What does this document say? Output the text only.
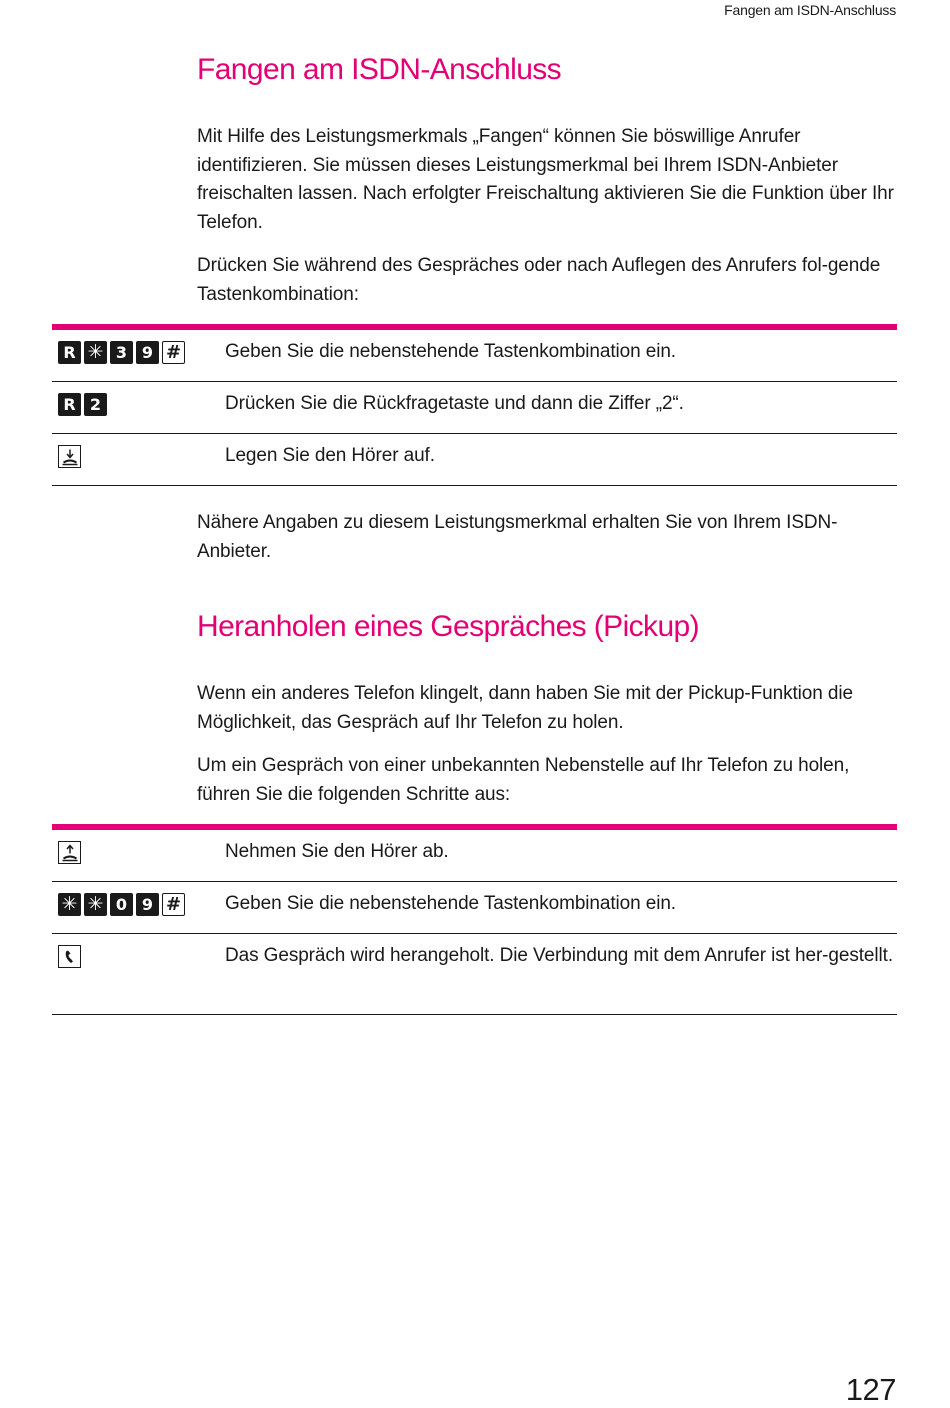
Fangen am ISDN-Anschluss
Fangen am ISDN-Anschluss

Mit Hilfe des Leistungsmerkmals „Fangen“ können Sie böswillige Anrufer identifizieren. Sie müssen dieses Leistungsmerkmal bei Ihrem ISDN-Anbieter freischalten lassen. Nach erfolgter Freischaltung aktivieren Sie die Funktion über Ihr Telefon.

Drücken Sie während des Gespräches oder nach Auflegen des Anrufers fol-gende Tastenkombination:

R ✳ 3 9 # Geben Sie die nebenstehende Tastenkombination ein.
R 2	Drücken Sie die Rückfragetaste und dann die Ziffer „2“.
Legen Sie den Hörer auf.

Nähere Angaben zu diesem Leistungsmerkmal erhalten Sie von Ihrem ISDN-Anbieter.

Heranholen eines Gespräches (Pickup)

Wenn ein anderes Telefon klingelt, dann haben Sie mit der Pickup-Funktion die Möglichkeit, das Gespräch auf Ihr Telefon zu holen.

Um ein Gespräch von einer unbekannten Nebenstelle auf Ihr Telefon zu holen, führen Sie die folgenden Schritte aus:

Nehmen Sie den Hörer ab.
✳ ✳ 0 9 # Geben Sie die nebenstehende Tastenkombination ein.
Das Gespräch wird herangeholt. Die Verbindung mit dem Anrufer ist her-gestellt.
127
